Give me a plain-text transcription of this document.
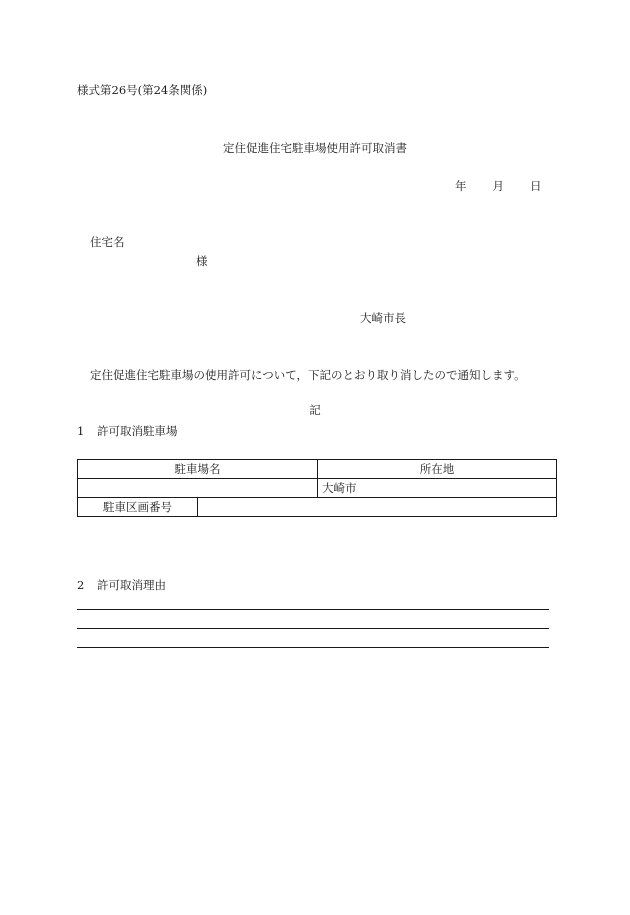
様式第26号(第24条関係)
定住促進住宅駐車場使用許可取消書
年 月 日
住宅名
様
大崎市長
定住促進住宅駐車場の使用許可について，下記のとおり取り消したので通知します。
記
1 許可取消駐車場
駐車場名		所在地
		大崎市
駐車区画番号		
2 許可取消理由
